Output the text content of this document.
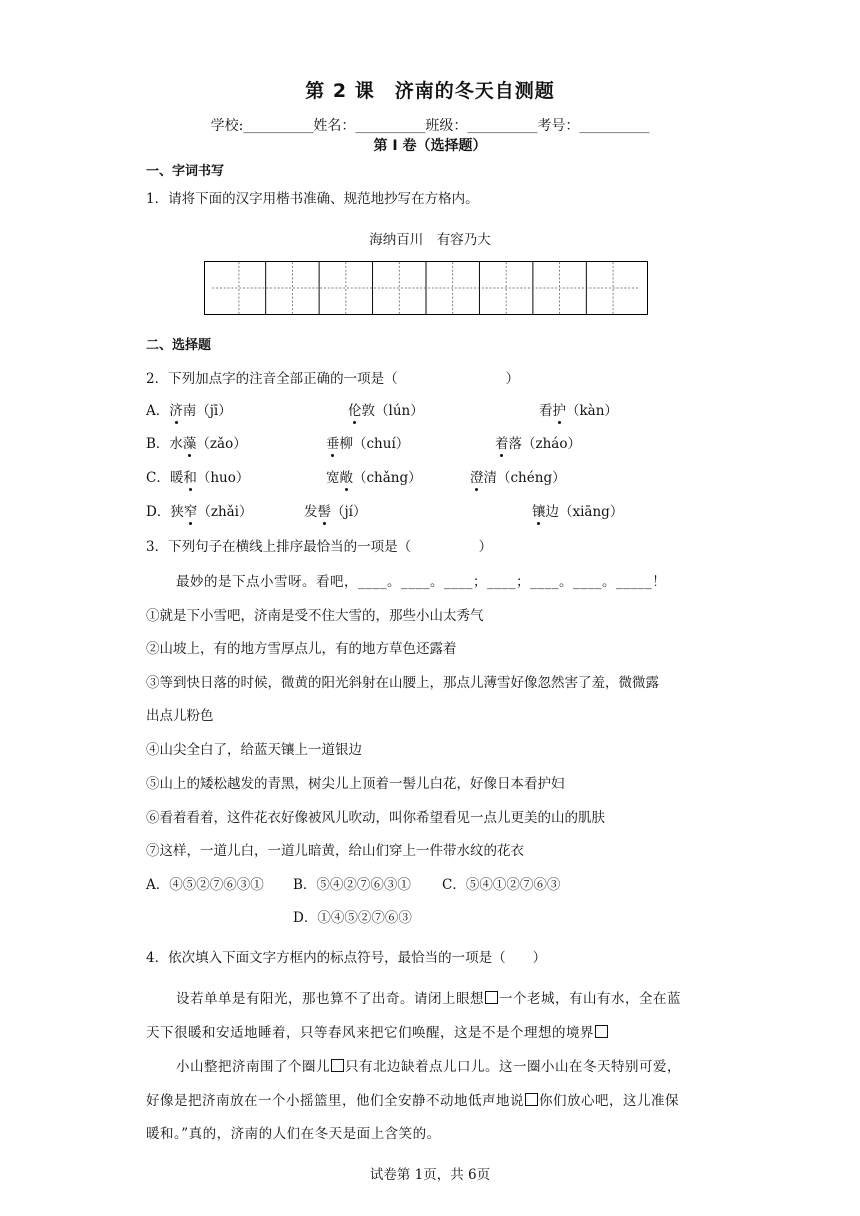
第 2 课　济南的冬天自测题
学校:__________姓名：__________班级：__________考号：__________
第 I 卷（选择题）
一、字词书写
1．请将下面的汉字用楷书准确、规范地抄写在方格内。
海纳百川　有容乃大
二、选择题
2．下列加点字的注音全部正确的一项是（　　　　　　　　）
A．济南（jī）	伦敦（lún）	看护（kàn）
B．水藻（zǎo）	垂柳（chuí）	着落（zháo）
C．暖和（huo）	宽敞（chǎng）	澄清（chéng）
D．狭窄（zhǎi）	发髻（jí）	镶边（xiāng）
3．下列句子在横线上排序最恰当的一项是（　　　　　）
最妙的是下点小雪呀。看吧，____。____。____；____；____。____。_____！
①就是下小雪吧，济南是受不住大雪的，那些小山太秀气
②山坡上，有的地方雪厚点儿，有的地方草色还露着
③等到快日落的时候，微黄的阳光斜射在山腰上，那点儿薄雪好像忽然害了羞，微微露
出点儿粉色
④山尖全白了，给蓝天镶上一道银边
⑤山上的矮松越发的青黑，树尖儿上顶着一髻儿白花，好像日本看护妇
⑥看着看着，这件花衣好像被风儿吹动，叫你希望看见一点儿更美的山的肌肤
⑦这样，一道儿白，一道儿暗黄，给山们穿上一件带水纹的花衣
A．④⑤②⑦⑥③① B．⑤④②⑦⑥③① C．⑤④①②⑦⑥③
D．①④⑤②⑦⑥③
4．依次填入下面文字方框内的标点符号，最恰当的一项是（　　）
设若单单是有阳光，那也算不了出奇。请闭上眼想 一个老城，有山有水，全在蓝
天下很暖和安适地睡着，只等春风来把它们唤醒，这是不是个理想的境界
小山整把济南围了个圈儿 只有北边缺着点儿口儿。这一圈小山在冬天特别可爱，
好像是把济南放在一个小摇篮里，他们全安静不动地低声地说 你们放心吧，这儿准保
暖和。”真的，济南的人们在冬天是面上含笑的。
试卷第 1页，共 6页
